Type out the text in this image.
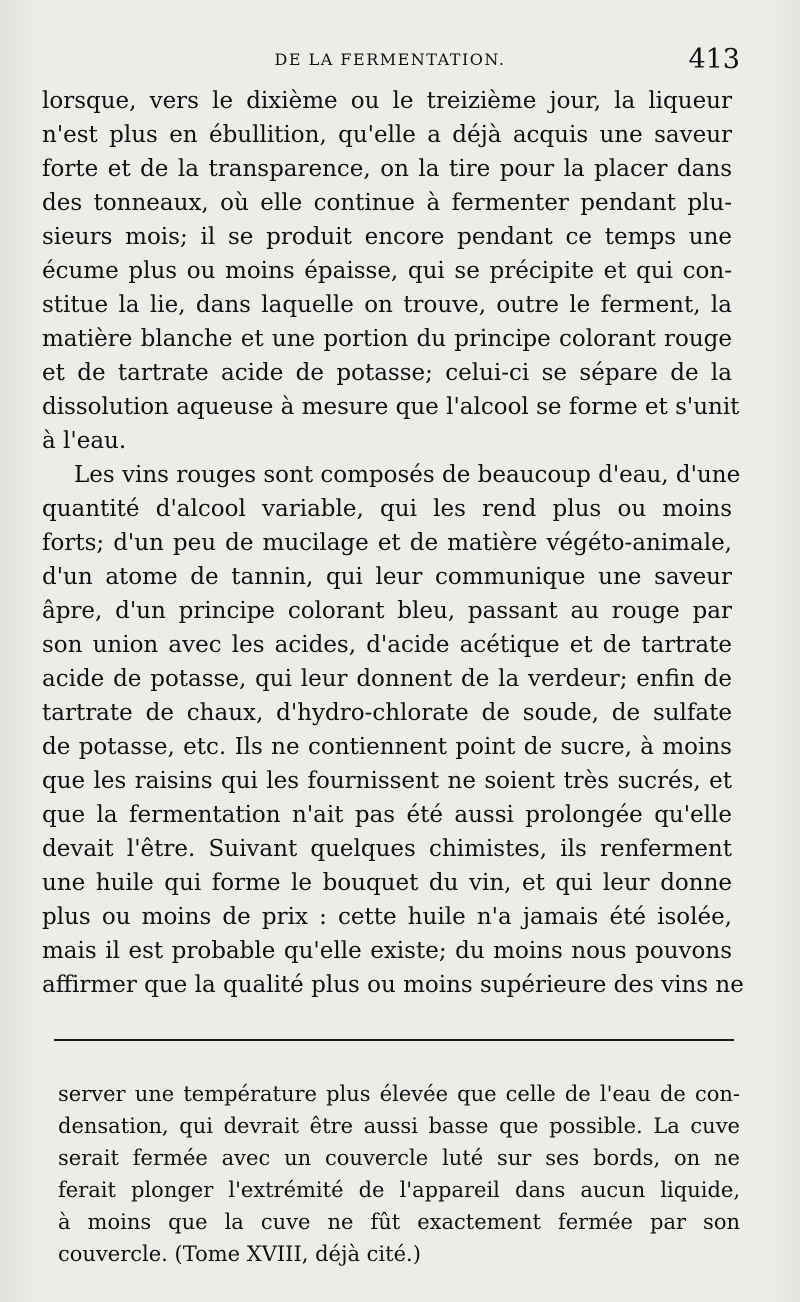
DE LA FERMENTATION.	413
lorsque, vers le dixième ou le treizième jour, la liqueur
n'est plus en ébullition, qu'elle a déjà acquis une saveur
forte et de la transparence, on la tire pour la placer dans
des tonneaux, où elle continue à fermenter pendant plu-
sieurs mois; il se produit encore pendant ce temps une
écume plus ou moins épaisse, qui se précipite et qui con-
stitue la lie, dans laquelle on trouve, outre le ferment, la
matière blanche et une portion du principe colorant rouge
et de tartrate acide de potasse; celui-ci se sépare de la
dissolution aqueuse à mesure que l'alcool se forme et s'unit
à l'eau.
Les vins rouges sont composés de beaucoup d'eau, d'une
quantité d'alcool variable, qui les rend plus ou moins
forts; d'un peu de mucilage et de matière végéto-animale,
d'un atome de tannin, qui leur communique une saveur
âpre, d'un principe colorant bleu, passant au rouge par
son union avec les acides, d'acide acétique et de tartrate
acide de potasse, qui leur donnent de la verdeur; enfin de
tartrate de chaux, d'hydro-chlorate de soude, de sulfate
de potasse, etc. Ils ne contiennent point de sucre, à moins
que les raisins qui les fournissent ne soient très sucrés, et
que la fermentation n'ait pas été aussi prolongée qu'elle
devait l'être. Suivant quelques chimistes, ils renferment
une huile qui forme le bouquet du vin, et qui leur donne
plus ou moins de prix : cette huile n'a jamais été isolée,
mais il est probable qu'elle existe; du moins nous pouvons
affirmer que la qualité plus ou moins supérieure des vins ne
server une température plus élevée que celle de l'eau de con-
densation, qui devrait être aussi basse que possible. La cuve
serait fermée avec un couvercle luté sur ses bords, on ne
ferait plonger l'extrémité de l'appareil dans aucun liquide,
à moins que la cuve ne fût exactement fermée par son
couvercle. (Tome XVIII, déjà cité.)
